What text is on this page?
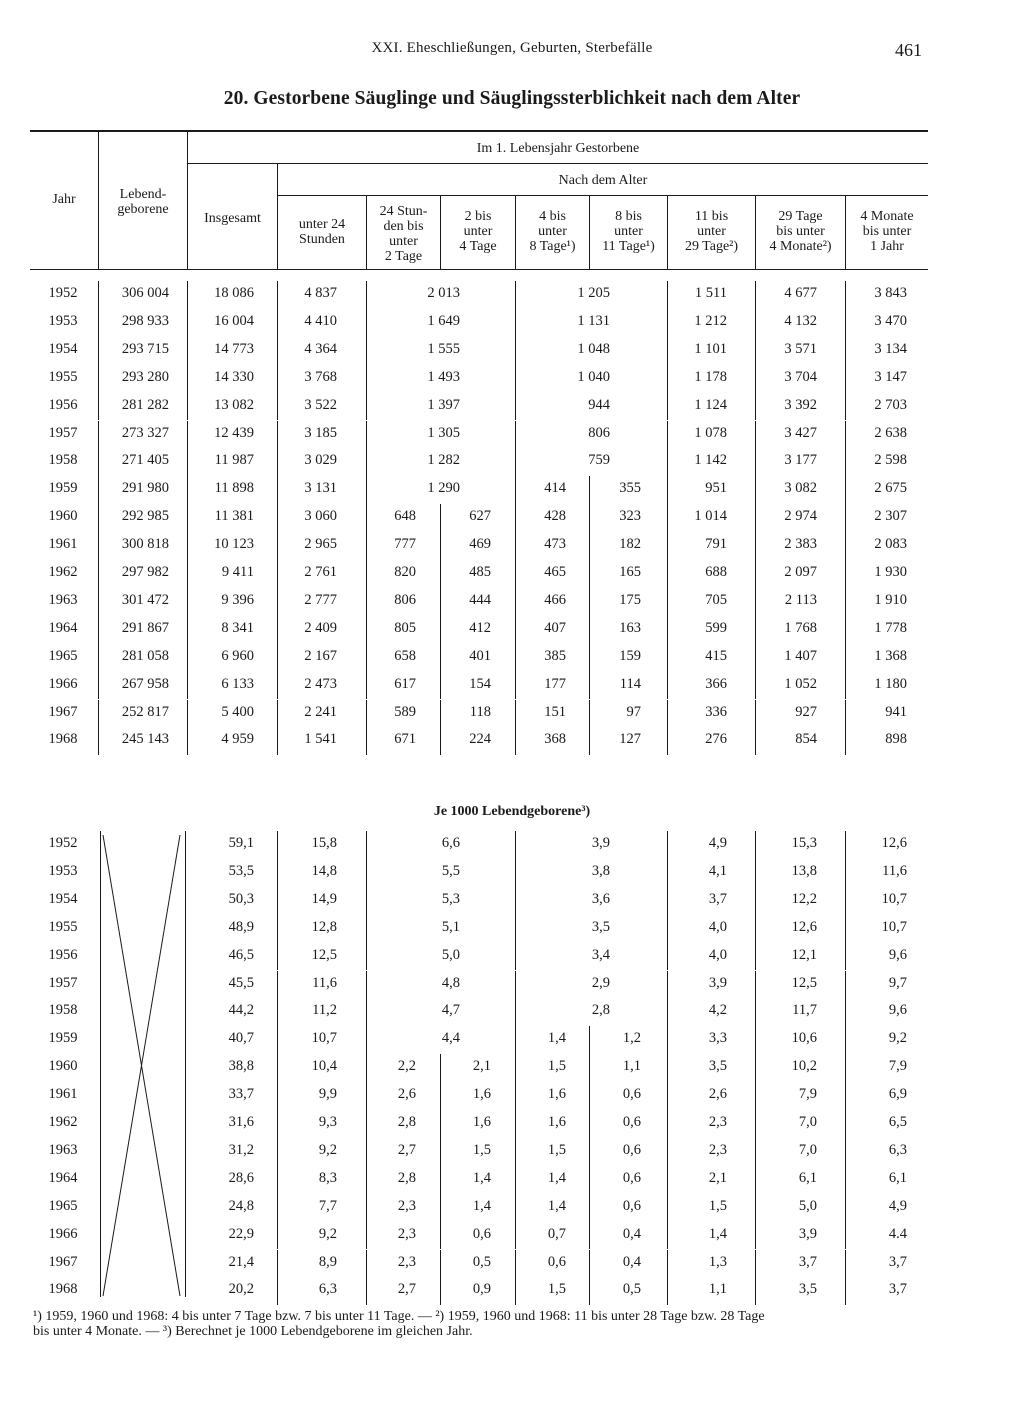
XXI. Eheschließungen, Geburten, Sterbefälle	461
20. Gestorbene Säuglinge und Säuglingssterblichkeit nach dem Alter
Jahr	Lebend-
geborene
Im 1. Lebensjahr Gestorbene
Insgesamt
Nach dem Alter
unter 24
Stunden
24 Stun-
den bis
unter
2 Tage
2 bis
unter
4 Tage
4 bis
unter
8 Tage¹)
8 bis
unter
11 Tage¹)
11 bis
unter
29 Tage²)
29 Tage
bis unter
4 Monate²)
4 Monate
bis unter
1 Jahr
1952	306 004	18 086	4 837	2 013	1 205	1 511	4 677	3 843
1953	298 933	16 004	4 410	1 649	1 131	1 212	4 132	3 470
1954	293 715	14 773	4 364	1 555	1 048	1 101	3 571	3 134
1955	293 280	14 330	3 768	1 493	1 040	1 178	3 704	3 147
1956	281 282	13 082	3 522	1 397	944	1 124	3 392	2 703
1957	273 327	12 439	3 185	1 305	806	1 078	3 427	2 638
1958	271 405	11 987	3 029	1 282	759	1 142	3 177	2 598
1959	291 980	11 898	3 131	1 290	414	355	951	3 082	2 675
1960	292 985	11 381	3 060	648	627	428	323	1 014	2 974	2 307
1961	300 818	10 123	2 965	777	469	473	182	791	2 383	2 083
1962	297 982	9 411	2 761	820	485	465	165	688	2 097	1 930
1963	301 472	9 396	2 777	806	444	466	175	705	2 113	1 910
1964	291 867	8 341	2 409	805	412	407	163	599	1 768	1 778
1965	281 058	6 960	2 167	658	401	385	159	415	1 407	1 368
1966	267 958	6 133	2 473	617	154	177	114	366	1 052	1 180
1967	252 817	5 400	2 241	589	118	151	97	336	927	941
1968	245 143	4 959	1 541	671	224	368	127	276	854	898
Je 1000 Lebendgeborene³)
1952	59,1	15,8	6,6	3,9	4,9	15,3	12,6
1953	53,5	14,8	5,5	3,8	4,1	13,8	11,6
1954	50,3	14,9	5,3	3,6	3,7	12,2	10,7
1955	48,9	12,8	5,1	3,5	4,0	12,6	10,7
1956	46,5	12,5	5,0	3,4	4,0	12,1	9,6
1957	45,5	11,6	4,8	2,9	3,9	12,5	9,7
1958	44,2	11,2	4,7	2,8	4,2	11,7	9,6
1959	40,7	10,7	4,4	1,4	1,2	3,3	10,6	9,2
1960	38,8	10,4	2,2	2,1	1,5	1,1	3,5	10,2	7,9
1961	33,7	9,9	2,6	1,6	1,6	0,6	2,6	7,9	6,9
1962	31,6	9,3	2,8	1,6	1,6	0,6	2,3	7,0	6,5
1963	31,2	9,2	2,7	1,5	1,5	0,6	2,3	7,0	6,3
1964	28,6	8,3	2,8	1,4	1,4	0,6	2,1	6,1	6,1
1965	24,8	7,7	2,3	1,4	1,4	0,6	1,5	5,0	4,9
1966	22,9	9,2	2,3	0,6	0,7	0,4	1,4	3,9	4.4
1967	21,4	8,9	2,3	0,5	0,6	0,4	1,3	3,7	3,7
1968	20,2	6,3	2,7	0,9	1,5	0,5	1,1	3,5	3,7
¹) 1959, 1960 und 1968: 4 bis unter 7 Tage bzw. 7 bis unter 11 Tage. — ²) 1959, 1960 und 1968: 11 bis unter 28 Tage bzw. 28 Tage
bis unter 4 Monate. — ³) Berechnet je 1000 Lebendgeborene im gleichen Jahr.
